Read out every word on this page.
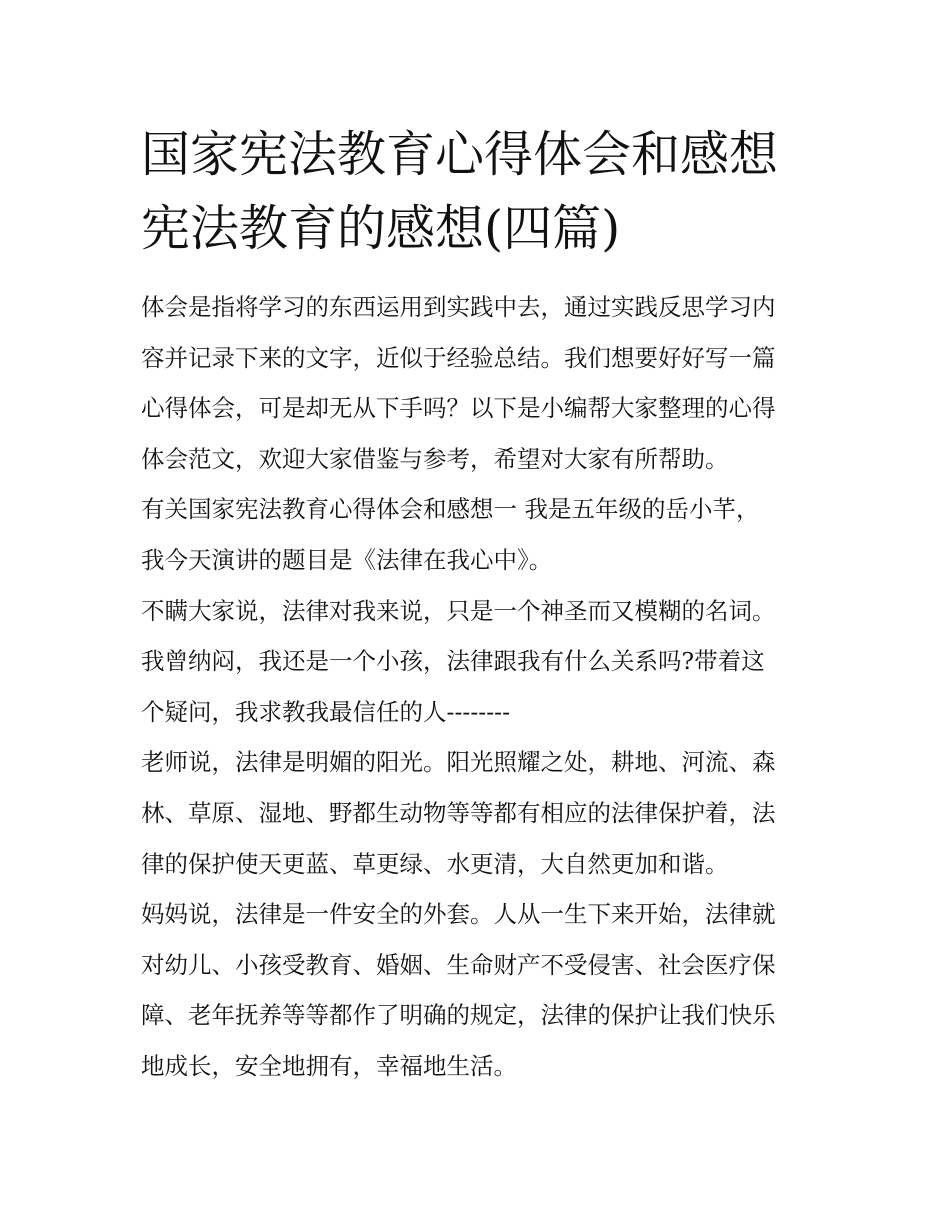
国家宪法教育心得体会和感想
宪法教育的感想(四篇)

体会是指将学习的东西运用到实践中去，通过实践反思学习内
容并记录下来的文字，近似于经验总结。我们想要好好写一篇
心得体会，可是却无从下手吗？以下是小编帮大家整理的心得
体会范文，欢迎大家借鉴与参考，希望对大家有所帮助。

有关国家宪法教育心得体会和感想一 我是五年级的岳小芊，
我今天演讲的题目是《法律在我心中》。

不瞒大家说，法律对我来说，只是一个神圣而又模糊的名词。
我曾纳闷，我还是一个小孩，法律跟我有什么关系吗?带着这
个疑问，我求教我最信任的人--------

老师说，法律是明媚的阳光。阳光照耀之处，耕地、河流、森
林、草原、湿地、野都生动物等等都有相应的法律保护着，法
律的保护使天更蓝、草更绿、水更清，大自然更加和谐。

妈妈说，法律是一件安全的外套。人从一生下来开始，法律就
对幼儿、小孩受教育、婚姻、生命财产不受侵害、社会医疗保
障、老年抚养等等都作了明确的规定，法律的保护让我们快乐
地成长，安全地拥有，幸福地生活。
